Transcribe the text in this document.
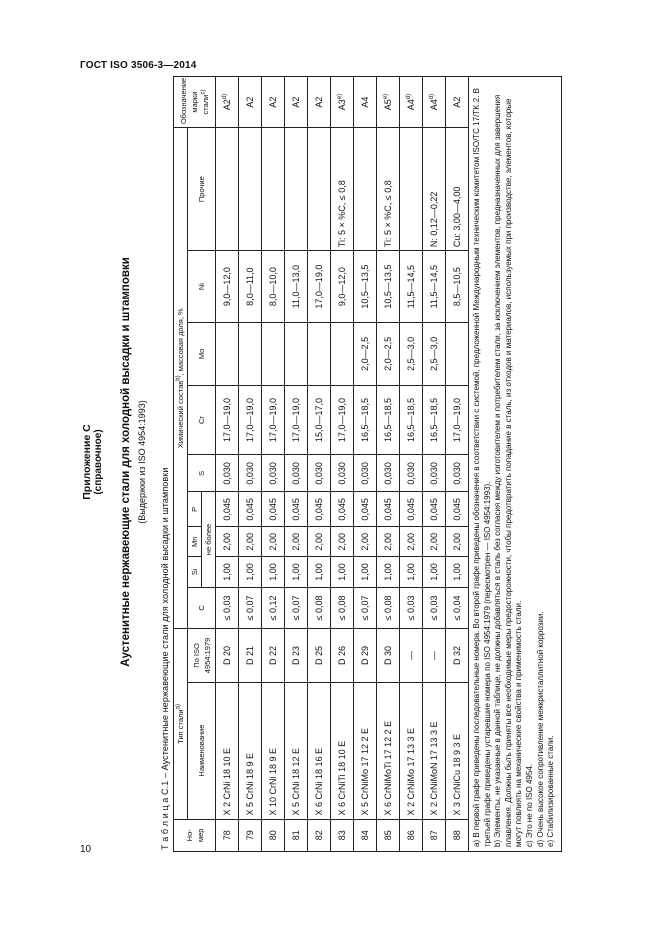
ГОСТ ISO 3506-3—2014
10
Приложение С (справочное) Аустенитные нержавеющие стали для холодной высадки и штамповки (Выдержки из ISO 4954:1993)
Т а б л и ц а С.1 – Аустенитные нержавеющие стали для холодной высадки и штамповки Но-мер	Тип стали$^{a)}$		Химический состав$^{b)}$, массовая доля, %									Обозначение марки стали$^{c)}$
	Наименование	По ISO 4954:1979	C	Si	Mn	P	S	Cr	Mo	Ni	Прочие	
				не более								
78	X 2 CrNi 18 10 E	D 20	≤ 0,03	1,00	2,00	0,045	0,030	17,0—19,0		9,0—12,0		A2$^{d)}$
79	X 5 CrNi 18 9 E	D 21	≤ 0,07	1,00	2,00	0,045	0,030	17,0—19,0		8,0—11,0		A2
80	X 10 CrNi 18 9 E	D 22	≤ 0,12	1,00	2,00	0,045	0,030	17,0—19,0		8,0—10,0		A2
81	X 5 CrNi 18 12 E	D 23	≤ 0,07	1,00	2,00	0,045	0,030	17,0—19,0		11,0—13,0		A2
82	X 6 CrNi 18 16 E	D 25	≤ 0,08	1,00	2,00	0,045	0,030	15,0—17,0		17,0—19,0		A2
83	X 6 CrNiTi 18 10 E	D 26	≤ 0,08	1,00	2,00	0,045	0,030	17,0—19,0		9,0—12,0	Ti: 5 × %C, ≤ 0,8	A3$^{e)}$
84	X 5 CrNiMo 17 12 2 E	D 29	≤ 0,07	1,00	2,00	0,045	0,030	16,5—18,5	2,0—2,5	10,5—13,5		A4
85	X 6 CrNiMoTi 17 12 2 E	D 30	≤ 0,08	1,00	2,00	0,045	0,030	16,5—18,5	2,0—2,5	10,5—13,5	Ti: 5 × %C, ≤ 0,8	A5$^{e)}$
86	X 2 CrNiMo 17 13 3 E	—	≤ 0,03	1,00	2,00	0,045	0,030	16,5—18,5	2,5—3,0	11,5—14,5		A4$^{d)}$
87	X 2 CrNiMoN 17 13 3 E	—	≤ 0,03	1,00	2,00	0,045	0,030	16,5—18,5	2,5—3,0	11,5—14,5	N: 0,12—0,22	A4$^{d)}$
88	X 3 CrNiCu 18 9 3 E	D 32	≤ 0,04	1,00	2,00	0,045	0,030	17,0—19,0		8,5—10,5	Cu: 3,00—4,00	A2

a) В первой графе приведены последовательные номера. Во второй графе приведены обозначения в соответствии с системой, предложенной Международным техническим комитетом ISO/TC 17/TK 2. В третьей графе приведены устаревшие номера по ISO 4954:1979 (пересмотрен — ISO 4954:1993). b) Элементы, не указанные в данной таблице, не должны добавляться в сталь без согласия между изготовителем и потребителем стали, за исключением элементов, предназначенных для завершения плавления. Должны быть приняты все необходимые меры предосторожности, чтобы предотвратить попадание в сталь, из отходов и материалов, используемых при производстве, элементов, которые могут повлиять на механические свойства и применимость стали. c) Это не по ISO 4954. d) Очень высокое сопротивление межкристаллитной коррозии. e) Стабилизированные стали.												
